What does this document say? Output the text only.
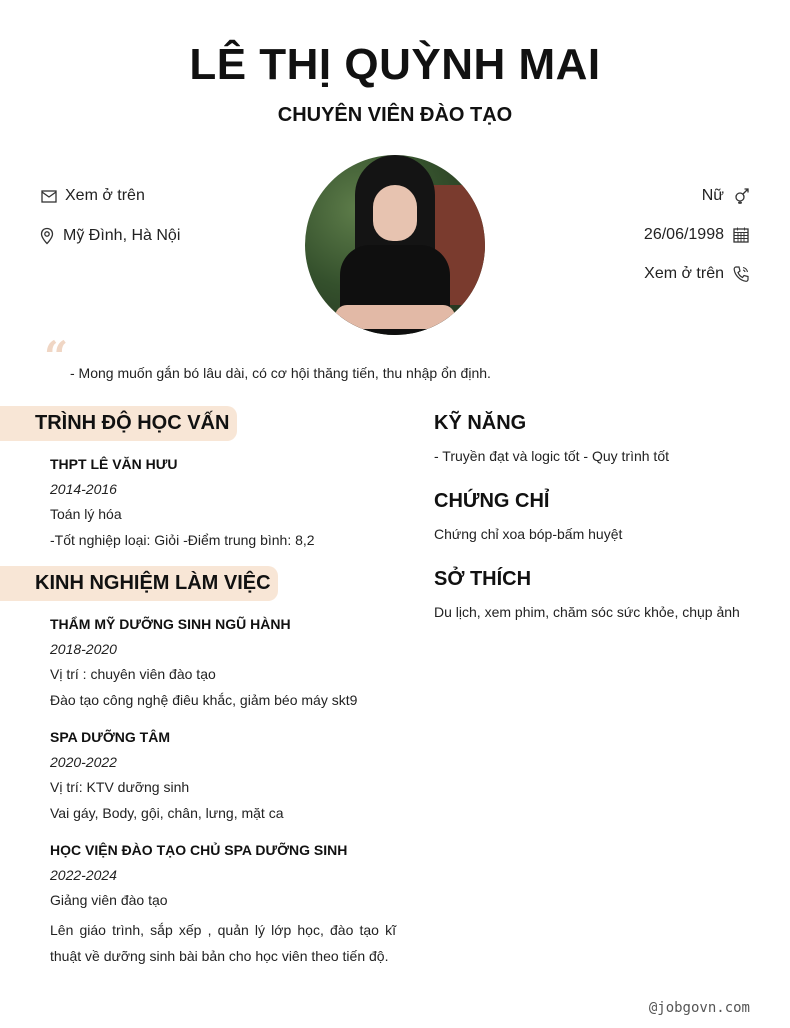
LÊ THỊ QUỲNH MAI
CHUYÊN VIÊN ĐÀO TẠO
Xem ở trên
Mỹ Đình, Hà Nội
Nữ
26/06/1998
Xem ở trên
“ - Mong muốn gắn bó lâu dài, có cơ hội thăng tiến, thu nhập ổn định.
TRÌNH ĐỘ HỌC VẤN
THPT LÊ VĂN HƯU
2014-2016
Toán lý hóa
-Tốt nghiệp loại: Giỏi -Điểm trung bình: 8,2
KINH NGHIỆM LÀM VIỆC
THẨM MỸ DƯỠNG SINH NGŨ HÀNH
2018-2020
Vị trí : chuyên viên đào tạo
Đào tạo công nghệ điêu khắc, giảm béo máy skt9
SPA DƯỠNG TÂM
2020-2022
Vị trí: KTV dưỡng sinh
Vai gáy, Body, gội, chân, lưng, mặt ca
HỌC VIỆN ĐÀO TẠO CHỦ SPA DƯỠNG SINH
2022-2024
Giảng viên đào tạo
Lên giáo trình, sắp xếp , quản lý lớp học, đào tạo kĩ thuật về dưỡng sinh bài bản cho học viên theo tiến độ.
KỸ NĂNG
- Truyền đạt và logic tốt - Quy trình tốt
CHỨNG CHỈ
Chứng chỉ xoa bóp-bấm huyệt
SỞ THÍCH
Du lịch, xem phim, chăm sóc sức khỏe, chụp ảnh
@jobgovn.com
